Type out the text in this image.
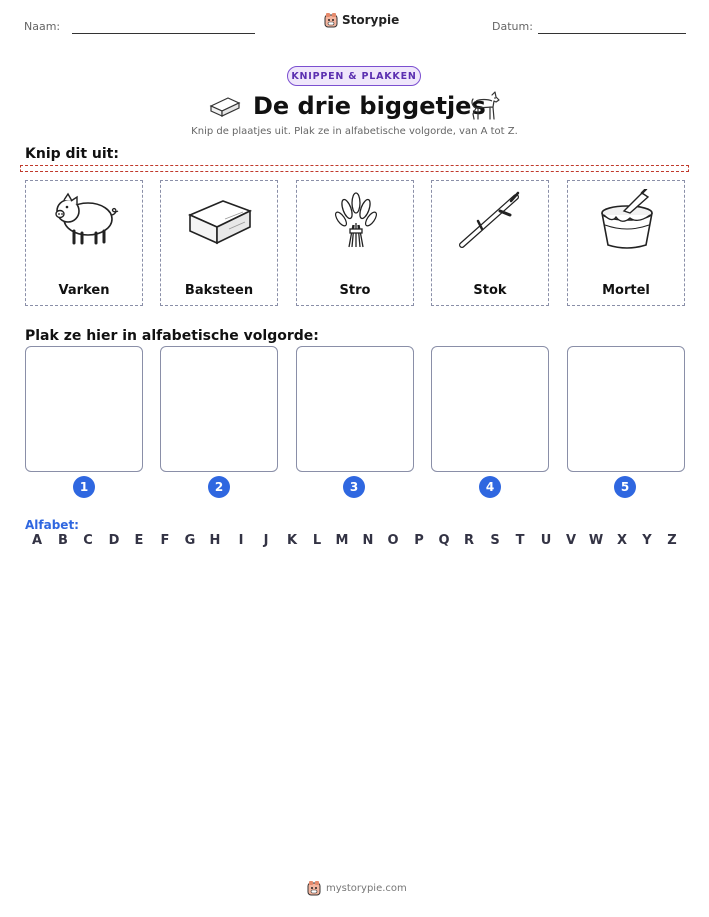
Naam:	Storypie	Datum:
KNIPPEN & PLAKKEN
De drie biggetjes
Knip de plaatjes uit. Plak ze in alfabetische volgorde, van A tot Z.
Knip dit uit:
Varken	Baksteen	Stro	Stok	Mortel
Plak ze hier in alfabetische volgorde:
1	2	3	4	5
Alfabet:
A	B	C	D	E	F	G	H	I	J	K	L	M	N	O	P	Q	R	S	T	U	V W	X	Y	Z
mystorypie.com
